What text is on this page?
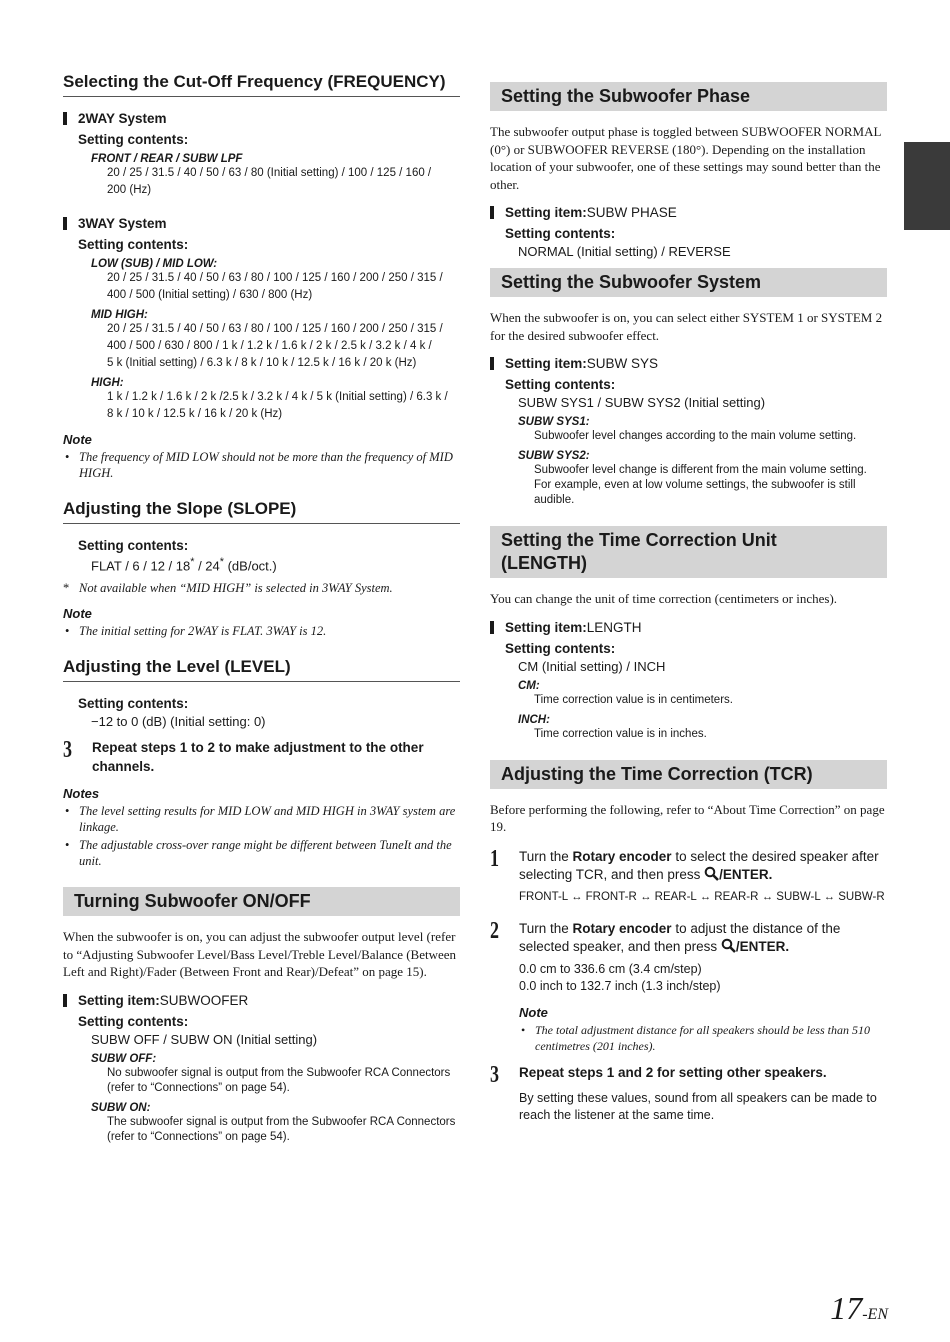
Selecting the Cut-Off Frequency (FREQUENCY)
2WAY System
Setting contents:
FRONT / REAR / SUBW LPF
20 / 25 / 31.5 / 40 / 50 / 63 / 80 (Initial setting) / 100 / 125 / 160 /
200 (Hz)
3WAY System
Setting contents:
LOW (SUB) / MID LOW:
20 / 25 / 31.5 / 40 / 50 / 63 / 80 / 100 / 125 / 160 / 200 / 250 / 315 /
400 / 500 (Initial setting) / 630 / 800 (Hz)
MID HIGH:
20 / 25 / 31.5 / 40 / 50 / 63 / 80 / 100 / 125 / 160 / 200 / 250 / 315 /
400 / 500 / 630 / 800 / 1 k / 1.2 k / 1.6 k / 2 k / 2.5 k / 3.2 k / 4 k /
5 k (Initial setting) / 6.3 k / 8 k / 10 k / 12.5 k / 16 k / 20 k (Hz)
HIGH:
1 k / 1.2 k / 1.6 k / 2 k /2.5 k / 3.2 k / 4 k / 5 k (Initial setting) / 6.3 k /
8 k / 10 k / 12.5 k / 16 k / 20 k (Hz)
Note
• The frequency of MID LOW should not be more than the frequency of MID HIGH.
Adjusting the Slope (SLOPE)
Setting contents:
FLAT / 6 / 12 / 18* / 24* (dB/oct.)
* Not available when “MID HIGH” is selected in 3WAY System.
Note
• The initial setting for 2WAY is FLAT. 3WAY is 12.
Adjusting the Level (LEVEL)
Setting contents:
−12 to 0 (dB) (Initial setting: 0)
3	Repeat steps 1 to 2 to make adjustment to the other channels.
Notes
• The level setting results for MID LOW and MID HIGH in 3WAY system are linkage.
• The adjustable cross-over range might be different between TuneIt and the unit.
Turning Subwoofer ON/OFF
When the subwoofer is on, you can adjust the subwoofer output level (refer to “Adjusting Subwoofer Level/Bass Level/Treble Level/Balance (Between Left and Right)/Fader (Between Front and Rear)/Defeat” on page 15).
Setting item: SUBWOOFER
Setting contents:
SUBW OFF / SUBW ON (Initial setting)
SUBW OFF:
No subwoofer signal is output from the Subwoofer RCA Connectors (refer to “Connections” on page 54).
SUBW ON:
The subwoofer signal is output from the Subwoofer RCA Connectors (refer to “Connections” on page 54).
Setting the Subwoofer Phase
The subwoofer output phase is toggled between SUBWOOFER NORMAL (0°) or SUBWOOFER REVERSE (180°). Depending on the installation location of your subwoofer, one of these settings may sound better than the other.
Setting item: SUBW PHASE
Setting contents:
NORMAL (Initial setting) / REVERSE
Setting the Subwoofer System
When the subwoofer is on, you can select either SYSTEM 1 or SYSTEM 2 for the desired subwoofer effect.
Setting item: SUBW SYS
Setting contents:
SUBW SYS1 / SUBW SYS2 (Initial setting)
SUBW SYS1:
Subwoofer level changes according to the main volume setting.
SUBW SYS2:
Subwoofer level change is different from the main volume setting. For example, even at low volume settings, the subwoofer is still audible.
Setting the Time Correction Unit
(LENGTH)
You can change the unit of time correction (centimeters or inches).
Setting item: LENGTH
Setting contents:
CM (Initial setting) / INCH
CM:
Time correction value is in centimeters.
INCH:
Time correction value is in inches.
Adjusting the Time Correction (TCR)
Before performing the following, refer to “About Time Correction” on page 19.
1	Turn the Rotary encoder to select the desired speaker after selecting TCR, and then press /ENTER.
FRONT-L ↔ FRONT-R ↔ REAR-L ↔ REAR-R ↔ SUBW-L ↔ SUBW-R
2	Turn the Rotary encoder to adjust the distance of the selected speaker, and then press /ENTER.
0.0 cm to 336.6 cm (3.4 cm/step)
0.0 inch to 132.7 inch (1.3 inch/step)
Note
• The total adjustment distance for all speakers should be less than 510 centimetres (201 inches).
3	Repeat steps 1 and 2 for setting other speakers.
By setting these values, sound from all speakers can be made to reach the listener at the same time.
17-EN
